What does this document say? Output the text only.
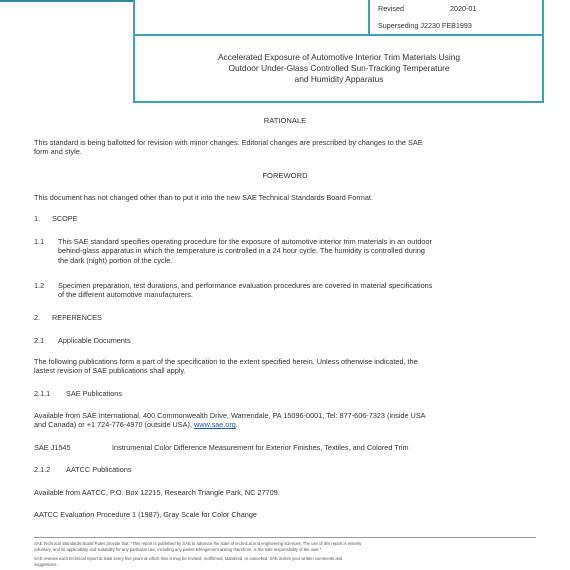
Revised	2020-01
Superseding J2230 FEB1993
Accelerated Exposure of Automotive Interior Trim Materials Using
Outdoor Under-Glass Controlled Sun-Tracking Temperature
and Humidity Apparatus
RATIONALE
This standard is being ballotted for revision with minor changes. Editorial changes are prescribed by changes to the SAE
form and style.
FOREWORD
This document has not changed other than to put it into the new SAE Technical Standards Board Format.
1. SCOPE
1.1 This SAE standard specifies operating procedure for the exposure of automotive interior trim materials in an outdoor
behind-glass apparatus in which the temperature is controlled in a 24 hour cycle. The humidity is controlled during
the dark (night) portion of the cycle.
1.2 Specimen preparation, test durations, and performance evaluation procedures are covered in material specifications
of the different automotive manufacturers.
2. REFERENCES
2.1 Applicable Documents
The following publications form a part of the specification to the extent specified herein. Unless otherwise indicated, the
lastest revision of SAE publications shall apply.
2.1.1 SAE Publications
Available from SAE International, 400 Commonwealth Drive, Warrendale, PA 15096-0001, Tel: 877-606-7323 (inside USA
and Canada) or +1 724-776-4970 (outside USA), www.sae.org.
SAE J1545	Instrumental Color Difference Measurement for Exterior Finishes, Textiles, and Colored Trim
2.1.2 AATCC Publications
Available from AATCC, P.O. Box 12215, Research Triangle Park, NC 27709.
AATCC Evaluation Procedure 1 (1987), Gray Scale for Color Change
SAE Technical Standards Board Rules provide that: "This report is published by SAE to advance the state of technical and engineering sciences. The use of this report is entirely
voluntary, and its applicability and suitability for any particular use, including any patent infringement arising therefrom, is the sole responsibility of the user."
SAE reviews each technical report at least every five years at which time it may be revised, reaffirmed, stabilized, or cancelled. SAE invites your written comments and
suggestions.
